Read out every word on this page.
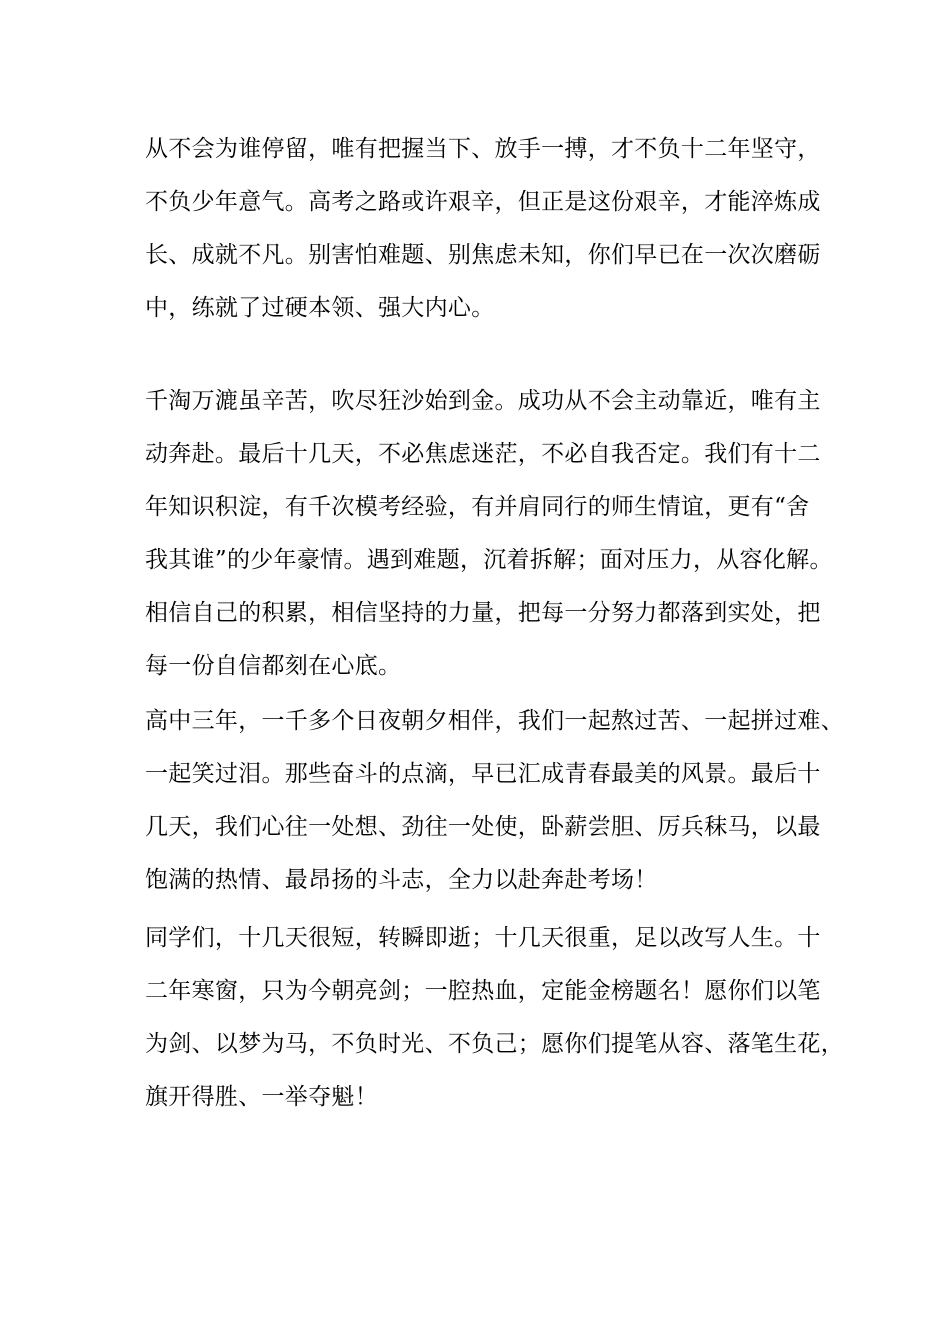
从不会为谁停留，唯有把握当下、放手一搏，才不负十二年坚守，
不负少年意气。高考之路或许艰辛，但正是这份艰辛，才能淬炼成
长、成就不凡。别害怕难题、别焦虑未知，你们早已在一次次磨砺
中，练就了过硬本领、强大内心。
千淘万漉虽辛苦，吹尽狂沙始到金。成功从不会主动靠近，唯有主
动奔赴。最后十几天，不必焦虑迷茫，不必自我否定。我们有十二
年知识积淀，有千次模考经验，有并肩同行的师生情谊，更有“舍
我其谁”的少年豪情。遇到难题，沉着拆解；面对压力，从容化解。
相信自己的积累，相信坚持的力量，把每一分努力都落到实处，把
每一份自信都刻在心底。
高中三年，一千多个日夜朝夕相伴，我们一起熬过苦、一起拼过难、
一起笑过泪。那些奋斗的点滴，早已汇成青春最美的风景。最后十
几天，我们心往一处想、劲往一处使，卧薪尝胆、厉兵秣马，以最
饱满的热情、最昂扬的斗志，全力以赴奔赴考场！
同学们，十几天很短，转瞬即逝；十几天很重，足以改写人生。十
二年寒窗，只为今朝亮剑；一腔热血，定能金榜题名！愿你们以笔
为剑、以梦为马，不负时光、不负己；愿你们提笔从容、落笔生花，
旗开得胜、一举夺魁！
